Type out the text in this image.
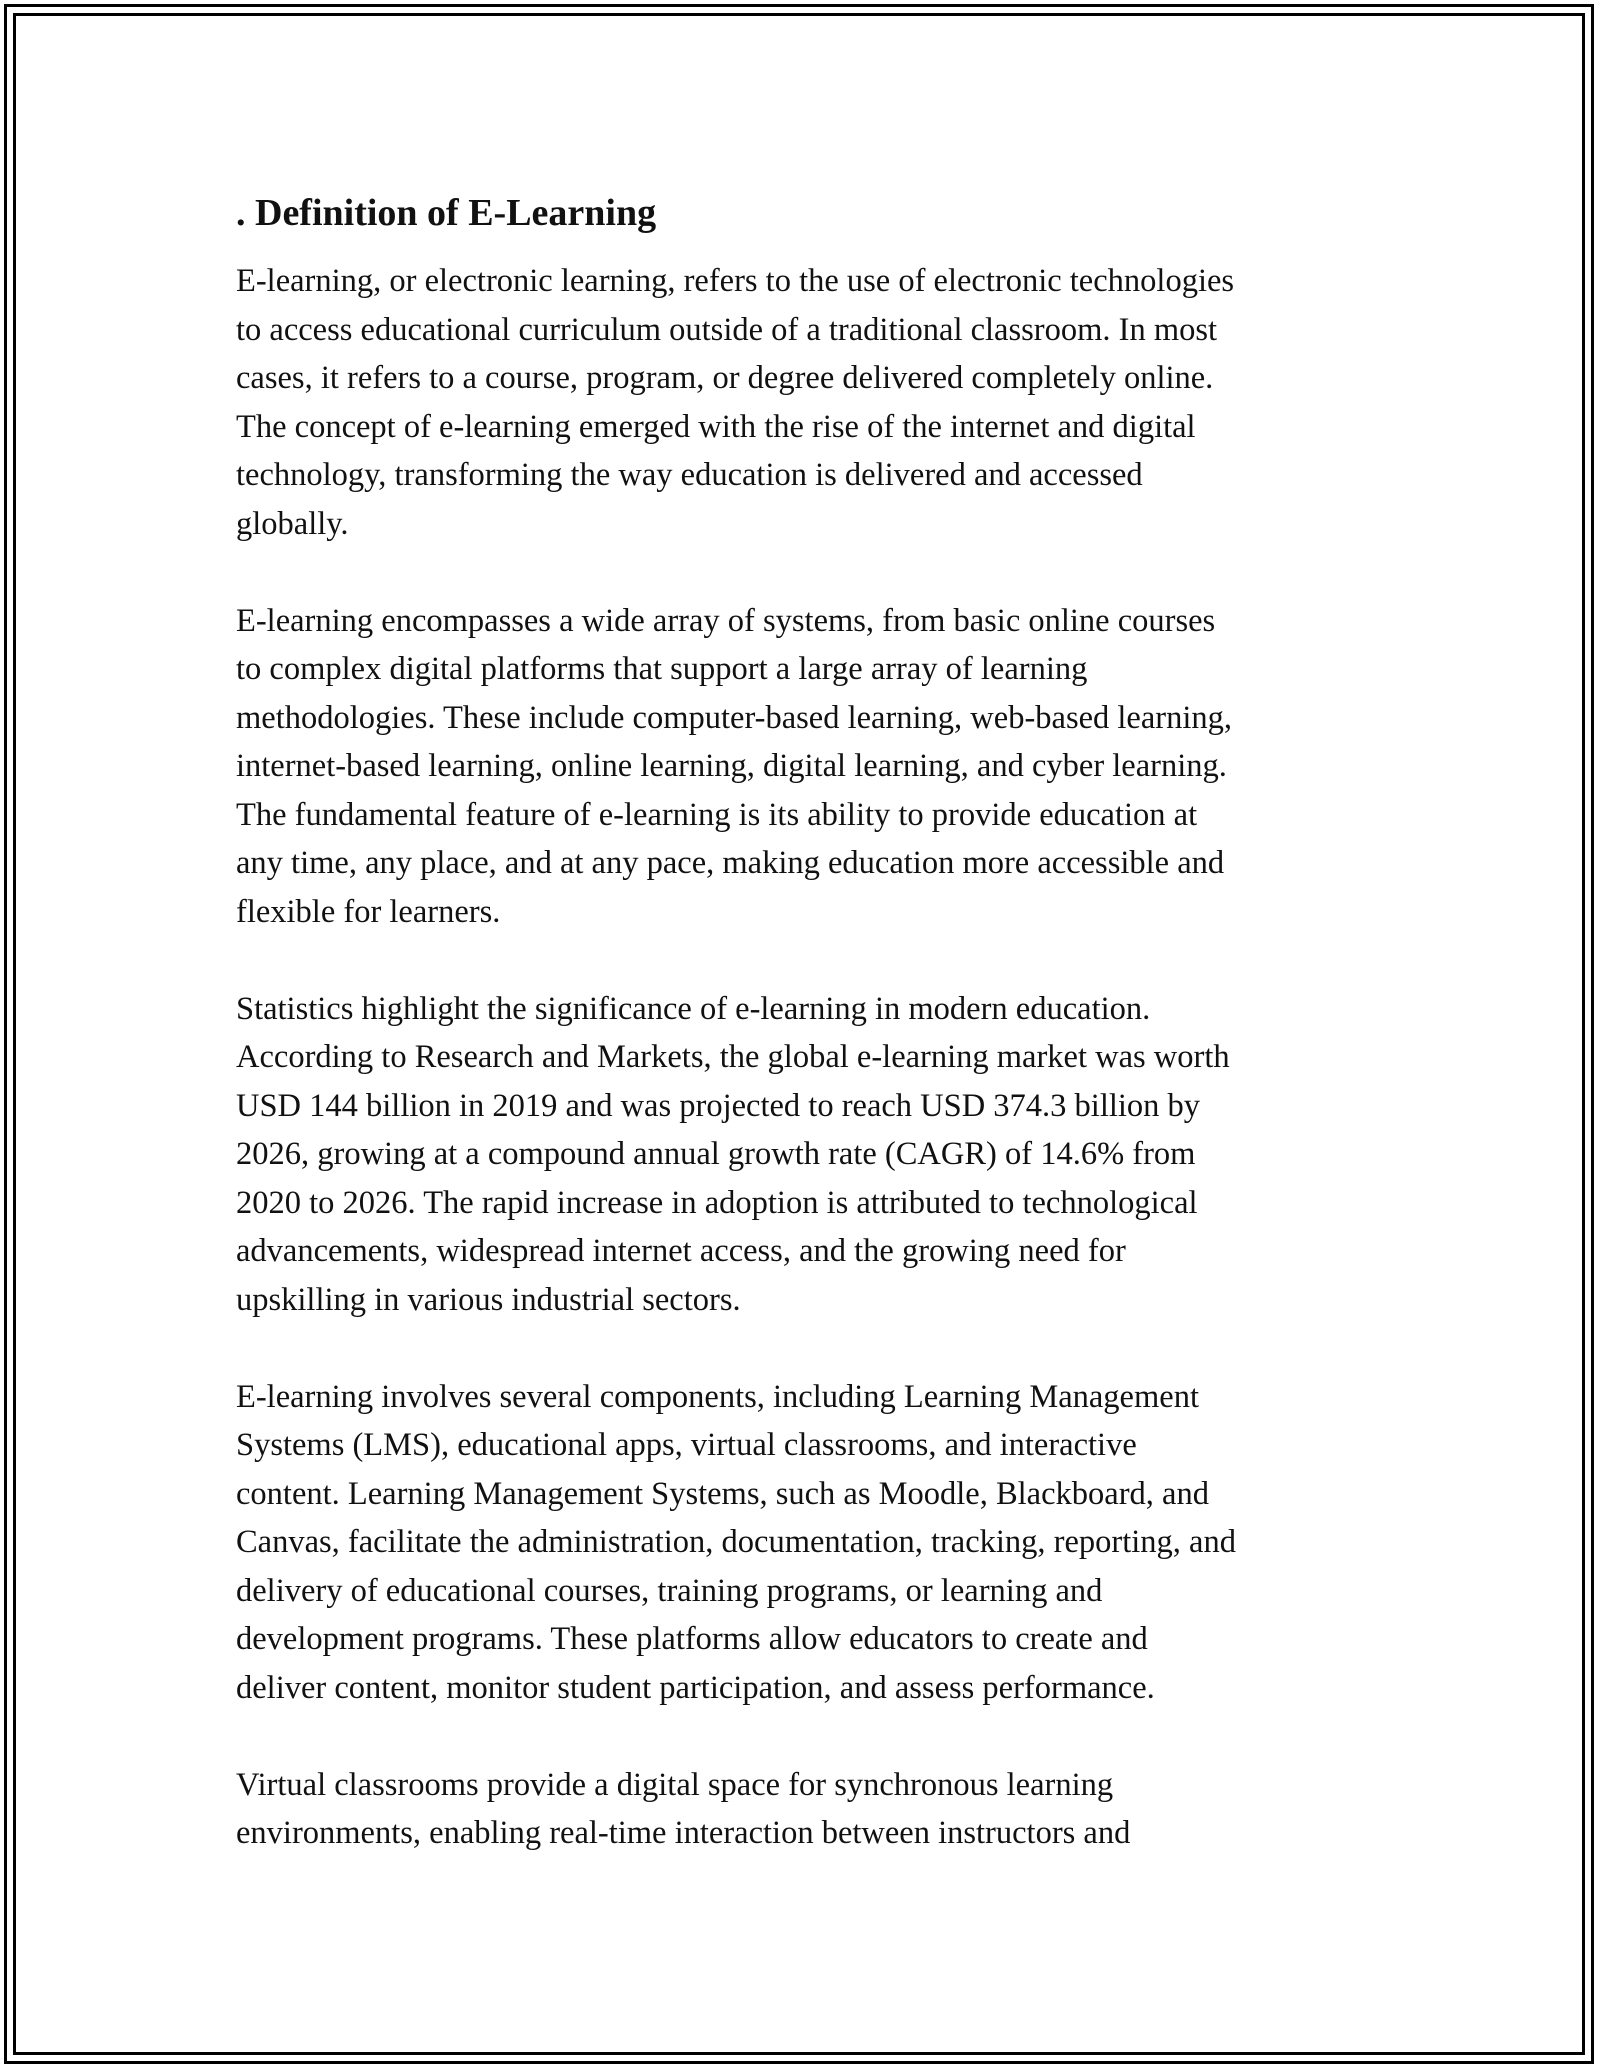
. Definition of E-Learning

E-learning, or electronic learning, refers to the use of electronic technologies
to access educational curriculum outside of a traditional classroom. In most
cases, it refers to a course, program, or degree delivered completely online.
The concept of e-learning emerged with the rise of the internet and digital
technology, transforming the way education is delivered and accessed
globally.

E-learning encompasses a wide array of systems, from basic online courses
to complex digital platforms that support a large array of learning
methodologies. These include computer-based learning, web-based learning,
internet-based learning, online learning, digital learning, and cyber learning.
The fundamental feature of e-learning is its ability to provide education at
any time, any place, and at any pace, making education more accessible and
flexible for learners.

Statistics highlight the significance of e-learning in modern education.
According to Research and Markets, the global e-learning market was worth
USD 144 billion in 2019 and was projected to reach USD 374.3 billion by
2026, growing at a compound annual growth rate (CAGR) of 14.6% from
2020 to 2026. The rapid increase in adoption is attributed to technological
advancements, widespread internet access, and the growing need for
upskilling in various industrial sectors.

E-learning involves several components, including Learning Management
Systems (LMS), educational apps, virtual classrooms, and interactive
content. Learning Management Systems, such as Moodle, Blackboard, and
Canvas, facilitate the administration, documentation, tracking, reporting, and
delivery of educational courses, training programs, or learning and
development programs. These platforms allow educators to create and
deliver content, monitor student participation, and assess performance.

Virtual classrooms provide a digital space for synchronous learning
environments, enabling real-time interaction between instructors and
